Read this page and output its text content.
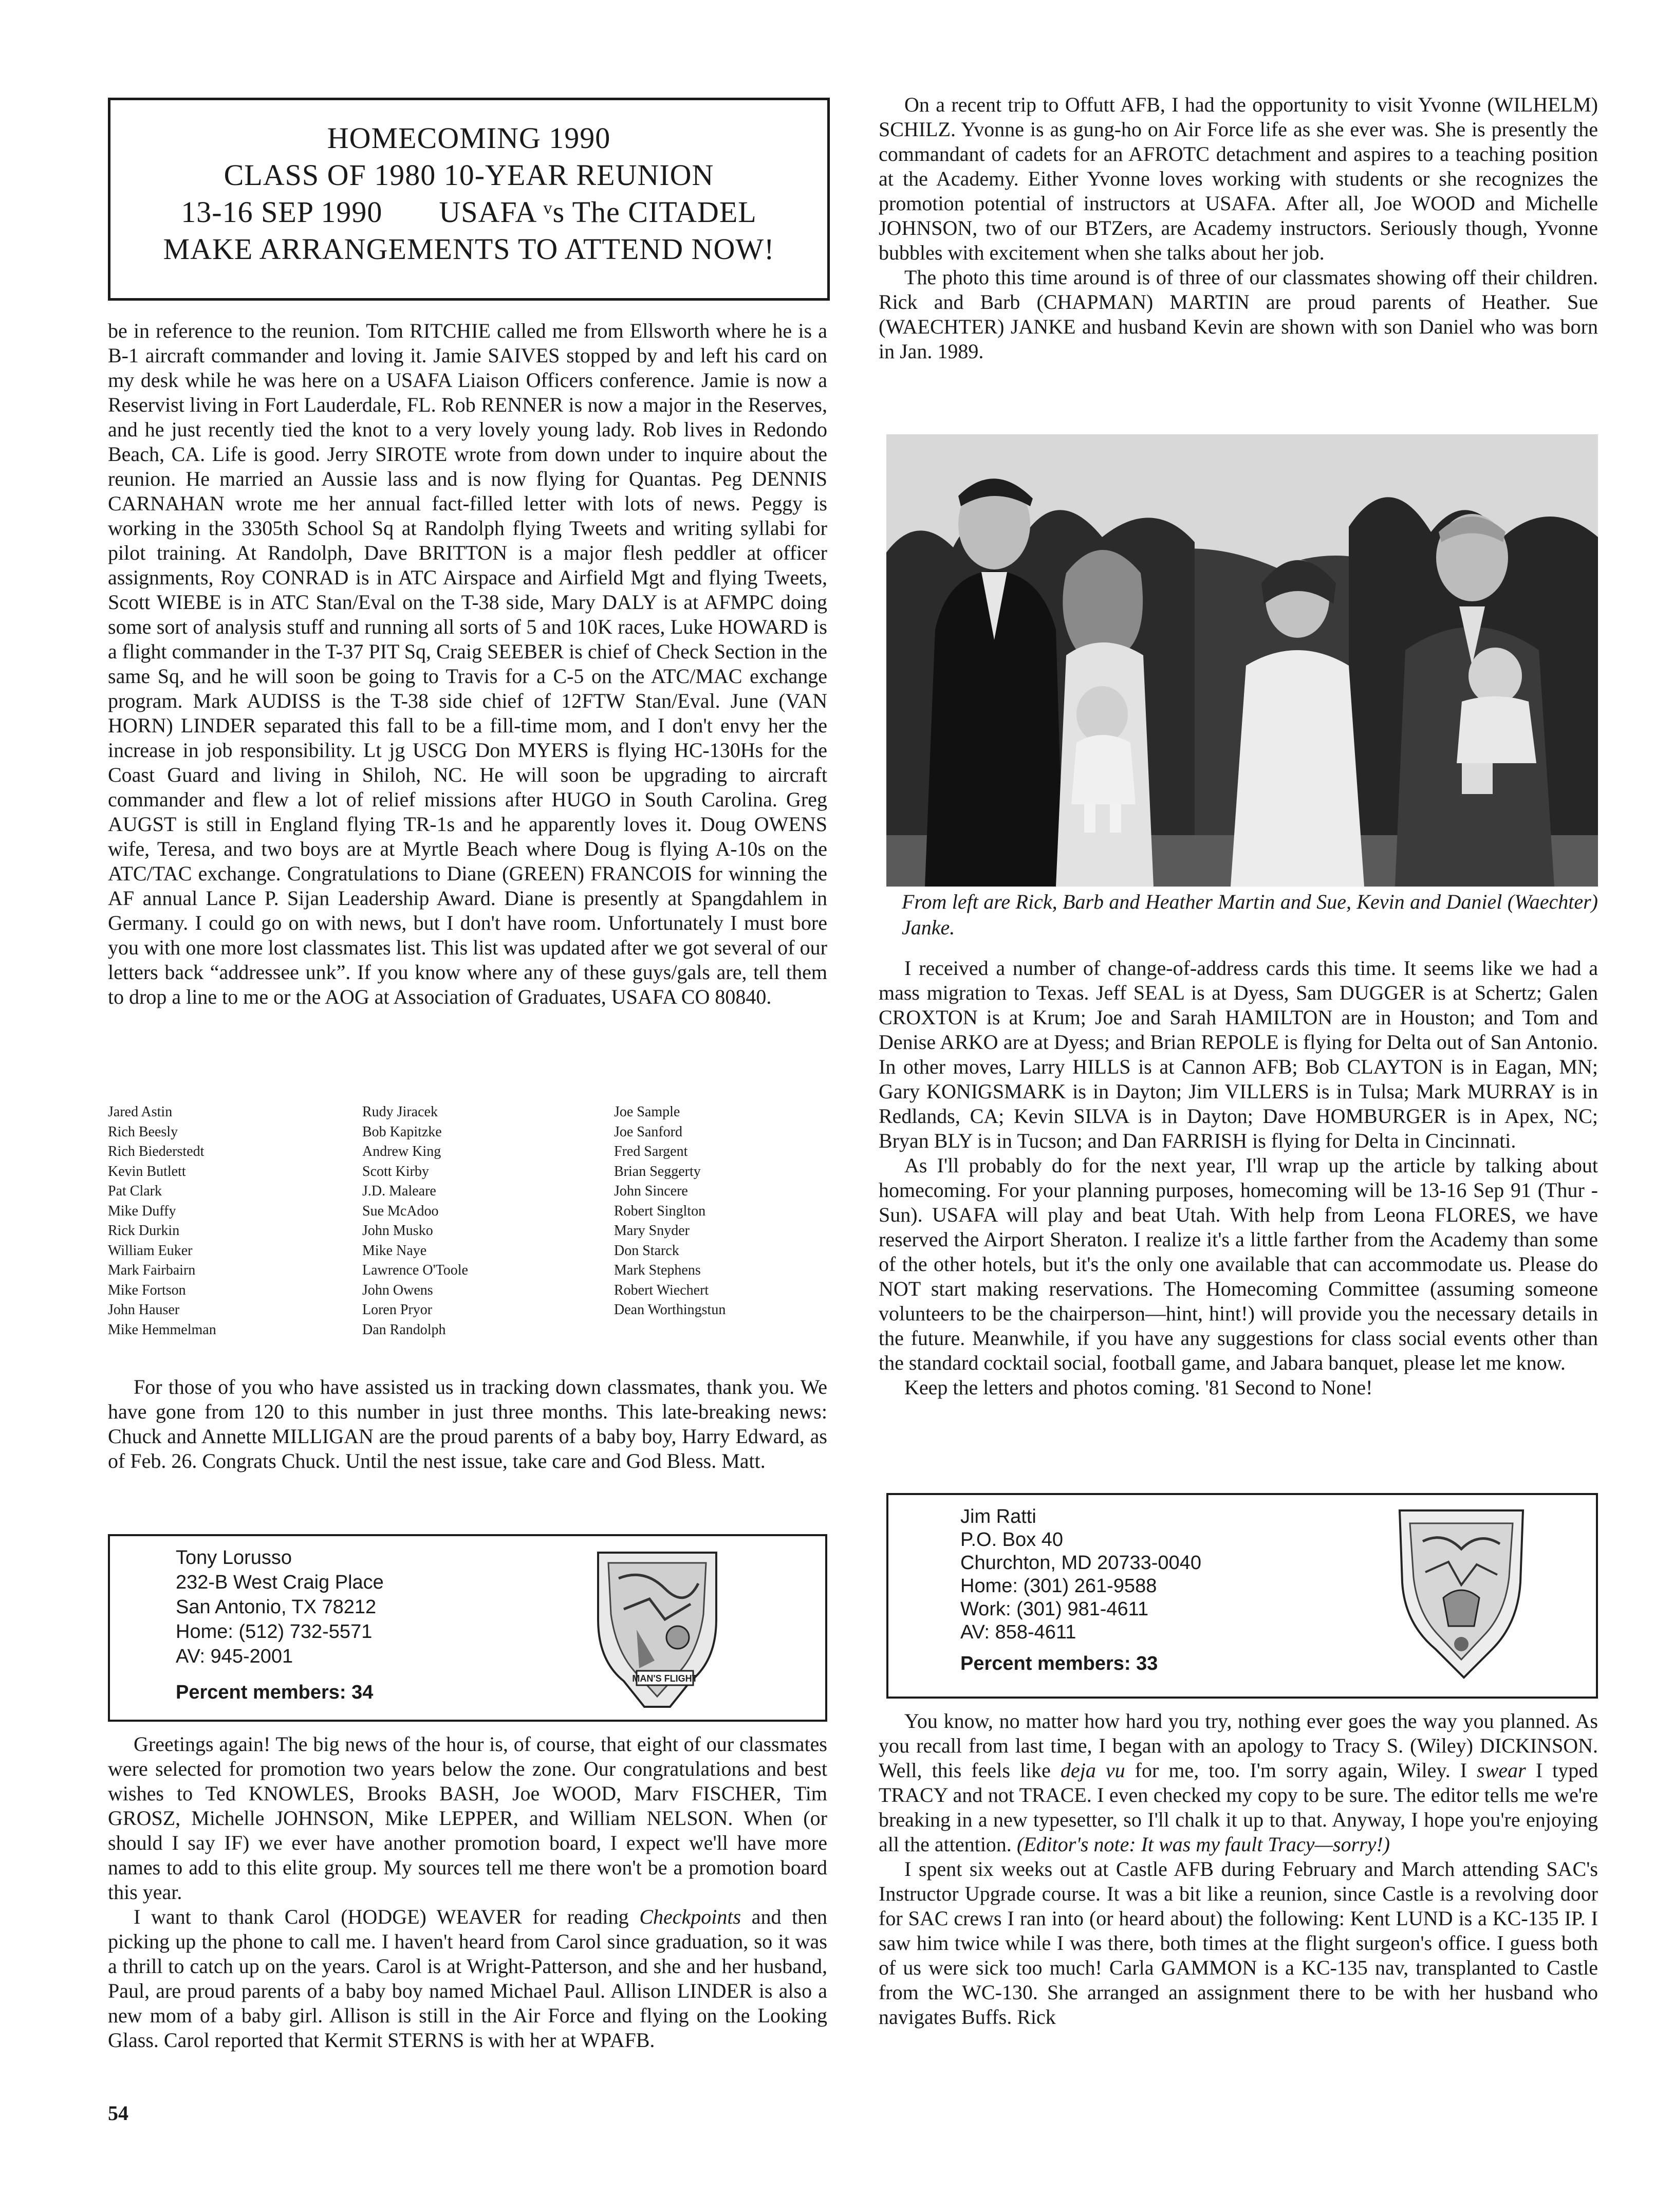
HOMECOMING 1990

CLASS OF 1980 10-YEAR REUNION

13-16 SEP 1990 USAFA ᵛs The CITADEL

MAKE ARRANGEMENTS TO ATTEND NOW!

be in reference to the reunion. Tom RITCHIE called me from Ellsworth where he is a B-1 aircraft commander and loving it. Jamie SAIVES stopped by and left his card on my desk while he was here on a USAFA Liaison Officers conference. Jamie is now a Reservist living in Fort Lauderdale, FL. Rob RENNER is now a major in the Reserves, and he just recently tied the knot to a very lovely young lady. Rob lives in Redondo Beach, CA. Life is good. Jerry SIROTE wrote from down under to inquire about the reunion. He married an Aussie lass and is now flying for Quantas. Peg DENNIS CARNAHAN wrote me her annual fact-filled letter with lots of news. Peggy is working in the 3305th School Sq at Randolph flying Tweets and writing syllabi for pilot training. At Randolph, Dave BRITTON is a major flesh peddler at officer assignments, Roy CONRAD is in ATC Airspace and Airfield Mgt and flying Tweets, Scott WIEBE is in ATC Stan/Eval on the T-38 side, Mary DALY is at AFMPC doing some sort of analysis stuff and running all sorts of 5 and 10K races, Luke HOWARD is a flight commander in the T-37 PIT Sq, Craig SEEBER is chief of Check Section in the same Sq, and he will soon be going to Travis for a C-5 on the ATC/MAC exchange program. Mark AUDISS is the T-38 side chief of 12FTW Stan/Eval. June (VAN HORN) LINDER separated this fall to be a fill-time mom, and I don't envy her the increase in job responsibility. Lt jg USCG Don MYERS is flying HC-130Hs for the Coast Guard and living in Shiloh, NC. He will soon be upgrading to aircraft commander and flew a lot of relief missions after HUGO in South Carolina. Greg AUGST is still in England flying TR-1s and he apparently loves it. Doug OWENS wife, Teresa, and two boys are at Myrtle Beach where Doug is flying A-10s on the ATC/TAC exchange. Congratulations to Diane (GREEN) FRANCOIS for winning the AF annual Lance P. Sijan Leadership Award. Diane is presently at Spangdahlem in Germany. I could go on with news, but I don't have room. Unfortunately I must bore you with one more lost classmates list. This list was updated after we got several of our letters back “addressee unk”. If you know where any of these guys/gals are, tell them to drop a line to me or the AOG at Association of Graduates, USAFA CO 80840.

Jared Astin
Rich Beesly
Rich Biederstedt
Kevin Butlett
Pat Clark
Mike Duffy
Rick Durkin
William Euker
Mark Fairbairn
Mike Fortson
John Hauser
Mike Hemmelman
Rudy Jiracek
Bob Kapitzke
Andrew King
Scott Kirby
J.D. Maleare
Sue McAdoo
John Musko
Mike Naye
Lawrence O'Toole
John Owens
Loren Pryor
Dan Randolph
Joe Sample
Joe Sanford
Fred Sargent
Brian Seggerty
John Sincere
Robert Singlton
Mary Snyder
Don Starck
Mark Stephens
Robert Wiechert
Dean Worthingstun

For those of you who have assisted us in tracking down classmates, thank you. We have gone from 120 to this number in just three months. This late-breaking news: Chuck and Annette MILLIGAN are the proud parents of a baby boy, Harry Edward, as of Feb. 26. Congrats Chuck. Until the nest issue, take care and God Bless. Matt.

Tony Lorusso
232-B West Craig Place
San Antonio, TX 78212
Home: (512) 732-5571
AV: 945-2001
Percent members: 34
MAN'S FLIGHT

Greetings again! The big news of the hour is, of course, that eight of our classmates were selected for promotion two years below the zone. Our congratulations and best wishes to Ted KNOWLES, Brooks BASH, Joe WOOD, Marv FISCHER, Tim GROSZ, Michelle JOHNSON, Mike LEPPER, and William NELSON. When (or should I say IF) we ever have another promotion board, I expect we'll have more names to add to this elite group. My sources tell me there won't be a promotion board this year.

I want to thank Carol (HODGE) WEAVER for reading Checkpoints and then picking up the phone to call me. I haven't heard from Carol since graduation, so it was a thrill to catch up on the years. Carol is at Wright-Patterson, and she and her husband, Paul, are proud parents of a baby boy named Michael Paul. Allison LINDER is also a new mom of a baby girl. Allison is still in the Air Force and flying on the Looking Glass. Carol reported that Kermit STERNS is with her at WPAFB.

54

On a recent trip to Offutt AFB, I had the opportunity to visit Yvonne (WILHELM) SCHILZ. Yvonne is as gung-ho on Air Force life as she ever was. She is presently the commandant of cadets for an AFROTC detachment and aspires to a teaching position at the Academy. Either Yvonne loves working with students or she recognizes the promotion potential of instructors at USAFA. After all, Joe WOOD and Michelle JOHNSON, two of our BTZers, are Academy instructors. Seriously though, Yvonne bubbles with excitement when she talks about her job.

The photo this time around is of three of our classmates showing off their children. Rick and Barb (CHAPMAN) MARTIN are proud parents of Heather. Sue (WAECHTER) JANKE and husband Kevin are shown with son Daniel who was born in Jan. 1989.

From left are Rick, Barb and Heather Martin and Sue, Kevin and Daniel (Waechter) Janke.

I received a number of change-of-address cards this time. It seems like we had a mass migration to Texas. Jeff SEAL is at Dyess, Sam DUGGER is at Schertz; Galen CROXTON is at Krum; Joe and Sarah HAMILTON are in Houston; and Tom and Denise ARKO are at Dyess; and Brian REPOLE is flying for Delta out of San Antonio. In other moves, Larry HILLS is at Cannon AFB; Bob CLAYTON is in Eagan, MN; Gary KONIGSMARK is in Dayton; Jim VILLERS is in Tulsa; Mark MURRAY is in Redlands, CA; Kevin SILVA is in Dayton; Dave HOMBURGER is in Apex, NC; Bryan BLY is in Tucson; and Dan FARRISH is flying for Delta in Cincinnati.

As I'll probably do for the next year, I'll wrap up the article by talking about homecoming. For your planning purposes, homecoming will be 13-16 Sep 91 (Thur - Sun). USAFA will play and beat Utah. With help from Leona FLORES, we have reserved the Airport Sheraton. I realize it's a little farther from the Academy than some of the other hotels, but it's the only one available that can accommodate us. Please do NOT start making reservations. The Homecoming Committee (assuming someone volunteers to be the chairperson—hint, hint!) will provide you the necessary details in the future. Meanwhile, if you have any suggestions for class social events other than the standard cocktail social, football game, and Jabara banquet, please let me know.

Keep the letters and photos coming. '81 Second to None!

Jim Ratti
P.O. Box 40
Churchton, MD 20733-0040
Home: (301) 261-9588
Work: (301) 981-4611
AV: 858-4611
Percent members: 33

You know, no matter how hard you try, nothing ever goes the way you planned. As you recall from last time, I began with an apology to Tracy S. (Wiley) DICKINSON. Well, this feels like deja vu for me, too. I'm sorry again, Wiley. I swear I typed TRACY and not TRACE. I even checked my copy to be sure. The editor tells me we're breaking in a new typesetter, so I'll chalk it up to that. Anyway, I hope you're enjoying all the attention. (Editor's note: It was my fault Tracy—sorry!)

I spent six weeks out at Castle AFB during February and March attending SAC's Instructor Upgrade course. It was a bit like a reunion, since Castle is a revolving door for SAC crews I ran into (or heard about) the following: Kent LUND is a KC-135 IP. I saw him twice while I was there, both times at the flight surgeon's office. I guess both of us were sick too much! Carla GAMMON is a KC-135 nav, transplanted to Castle from the WC-130. She arranged an assignment there to be with her husband who navigates Buffs. Rick
